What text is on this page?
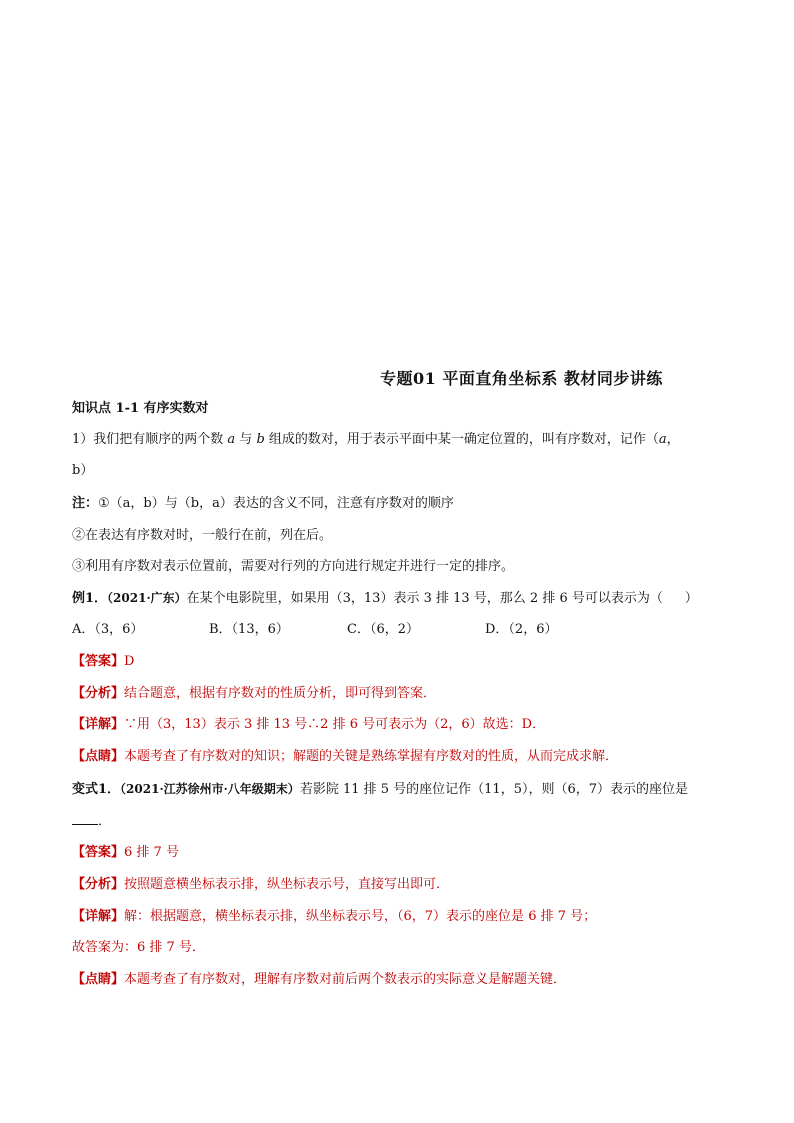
专题01 平面直角坐标系 教材同步讲练
知识点 1-1 有序实数对
1）我们把有顺序的两个数 a 与 b 组成的数对，用于表示平面中某一确定位置的，叫有序数对，记作（a，
b）
注：①（a，b）与（b，a）表达的含义不同，注意有序数对的顺序
②在表达有序数对时，一般行在前，列在后。
③利用有序数对表示位置前，需要对行列的方向进行规定并进行一定的排序。
例1．（2021·广东）在某个电影院里，如果用（3，13）表示 3 排 13 号，那么 2 排 6 号可以表示为（ ）
A．（3，6）	B．（13，6）	C．（6，2）	D．（2，6）
【答案】D
【分析】结合题意，根据有序数对的性质分析，即可得到答案．
【详解】∵用（3，13）表示 3 排 13 号∴2 排 6 号可表示为（2，6）故选：D．
【点睛】本题考查了有序数对的知识；解题的关键是熟练掌握有序数对的性质，从而完成求解．
变式1．（2021·江苏徐州市·八年级期末）若影院 11 排 5 号的座位记作（11，5），则（6，7）表示的座位是
．
【答案】6 排 7 号
【分析】按照题意横坐标表示排，纵坐标表示号，直接写出即可．
【详解】解：根据题意，横坐标表示排，纵坐标表示号，（6，7）表示的座位是 6 排 7 号；
故答案为：6 排 7 号．
【点睛】本题考查了有序数对，理解有序数对前后两个数表示的实际意义是解题关键．
